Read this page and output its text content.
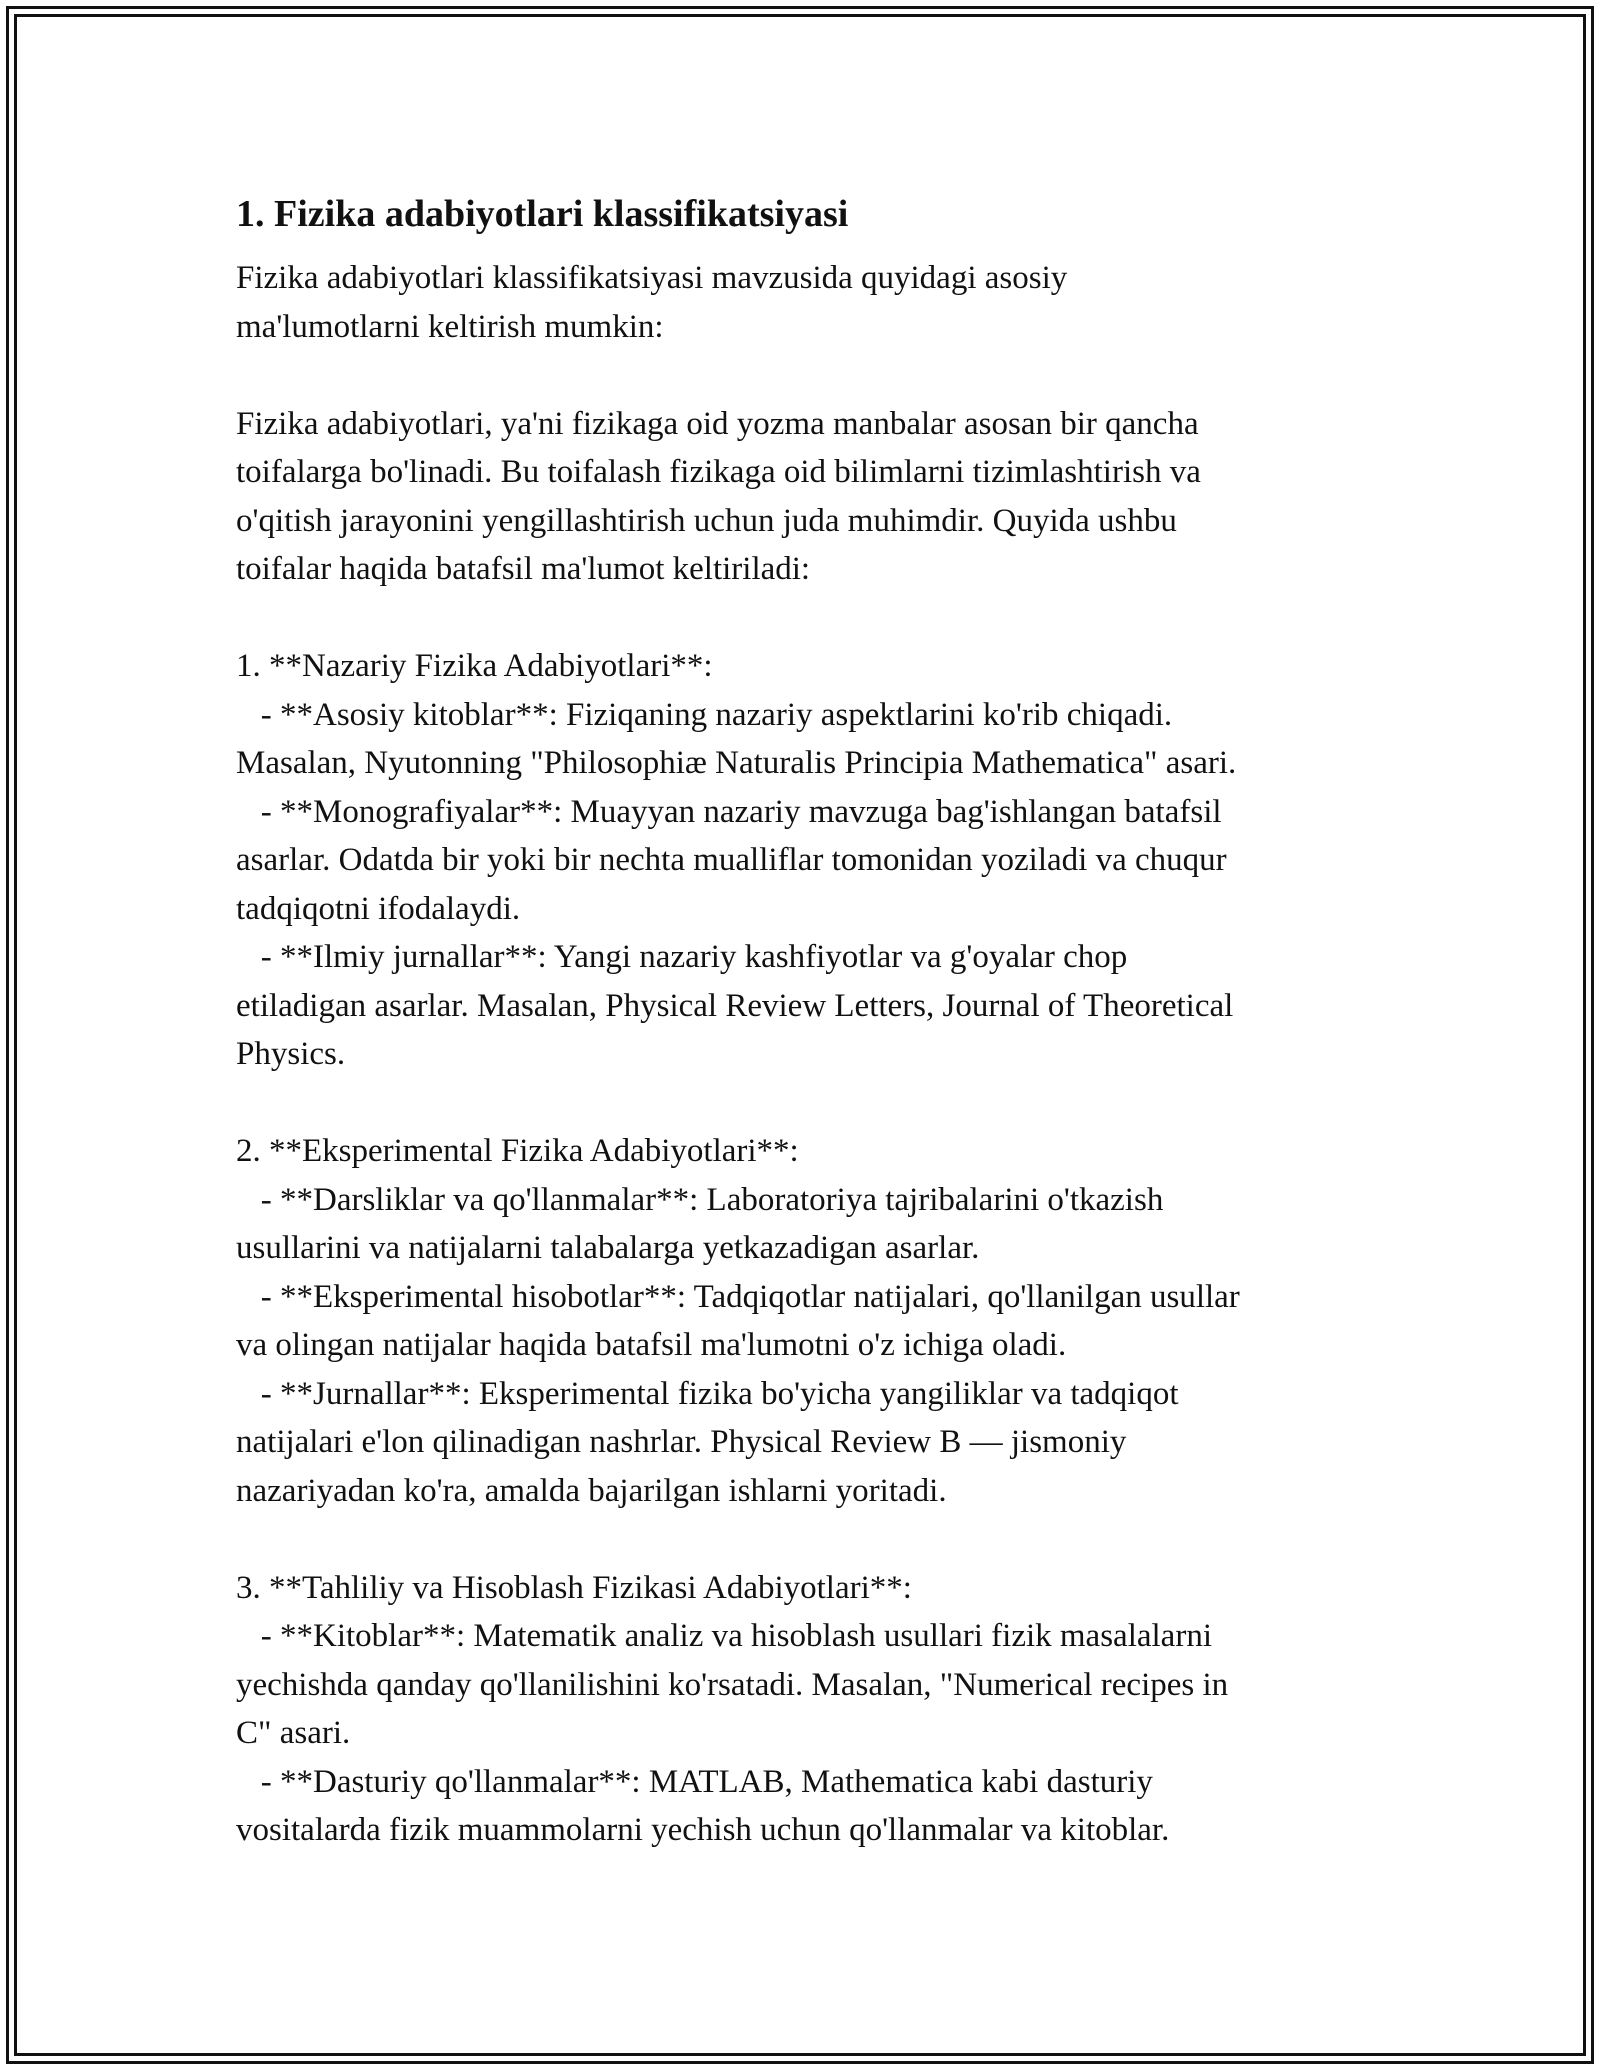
1. Fizika adabiyotlari klassifikatsiyasi

Fizika adabiyotlari klassifikatsiyasi mavzusida quyidagi asosiy
ma'lumotlarni keltirish mumkin:

Fizika adabiyotlari, ya'ni fizikaga oid yozma manbalar asosan bir qancha
toifalarga bo'linadi. Bu toifalash fizikaga oid bilimlarni tizimlashtirish va
o'qitish jarayonini yengillashtirish uchun juda muhimdir. Quyida ushbu
toifalar haqida batafsil ma'lumot keltiriladi:

1. **Nazariy Fizika Adabiyotlari**:
- **Asosiy kitoblar**: Fiziqaning nazariy aspektlarini ko'rib chiqadi.
Masalan, Nyutonning "Philosophiæ Naturalis Principia Mathematica" asari.
- **Monografiyalar**: Muayyan nazariy mavzuga bag'ishlangan batafsil
asarlar. Odatda bir yoki bir nechta mualliflar tomonidan yoziladi va chuqur
tadqiqotni ifodalaydi.
- **Ilmiy jurnallar**: Yangi nazariy kashfiyotlar va g'oyalar chop
etiladigan asarlar. Masalan, Physical Review Letters, Journal of Theoretical
Physics.
2. **Eksperimental Fizika Adabiyotlari**:
- **Darsliklar va qo'llanmalar**: Laboratoriya tajribalarini o'tkazish
usullarini va natijalarni talabalarga yetkazadigan asarlar.
- **Eksperimental hisobotlar**: Tadqiqotlar natijalari, qo'llanilgan usullar
va olingan natijalar haqida batafsil ma'lumotni o'z ichiga oladi.
- **Jurnallar**: Eksperimental fizika bo'yicha yangiliklar va tadqiqot
natijalari e'lon qilinadigan nashrlar. Physical Review B — jismoniy
nazariyadan ko'ra, amalda bajarilgan ishlarni yoritadi.
3. **Tahliliy va Hisoblash Fizikasi Adabiyotlari**:
- **Kitoblar**: Matematik analiz va hisoblash usullari fizik masalalarni
yechishda qanday qo'llanilishini ko'rsatadi. Masalan, "Numerical recipes in
C" asari.
- **Dasturiy qo'llanmalar**: MATLAB, Mathematica kabi dasturiy
vositalarda fizik muammolarni yechish uchun qo'llanmalar va kitoblar.
